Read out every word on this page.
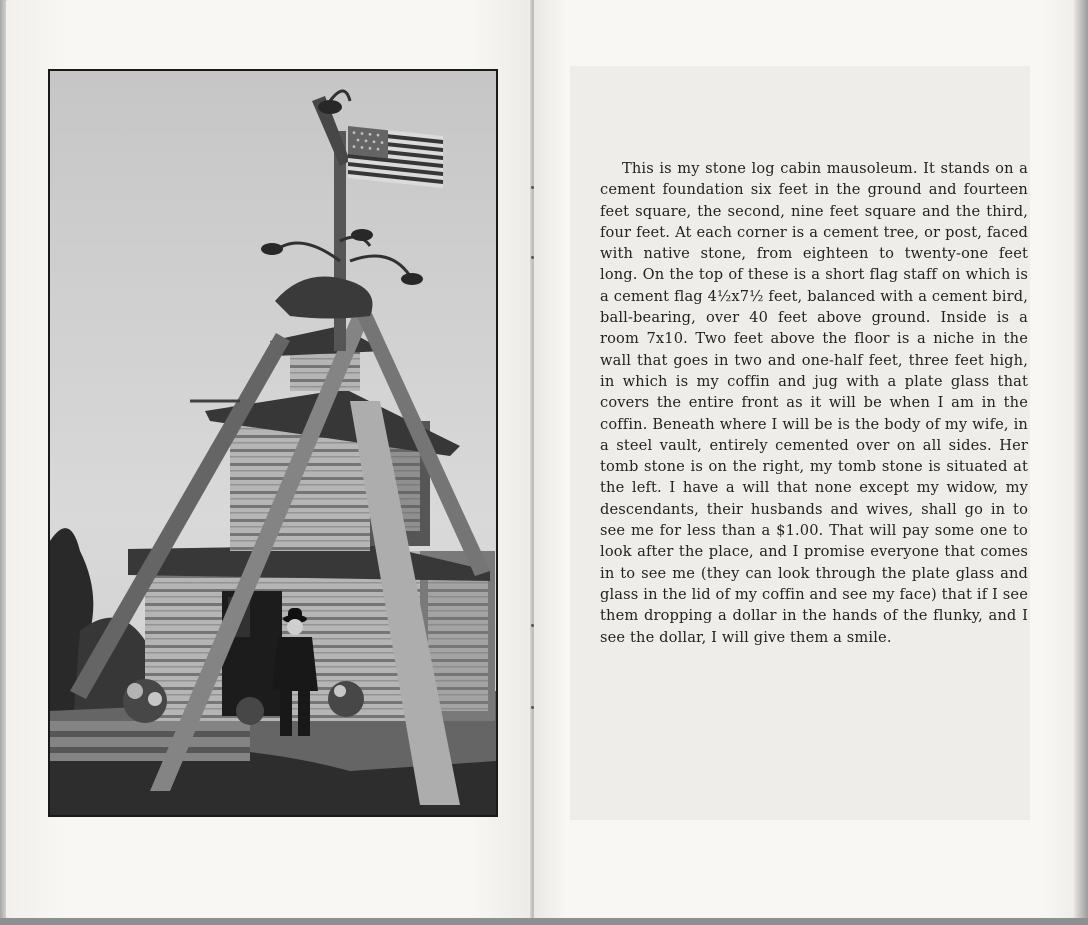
This is my stone log cabin mausoleum. It stands on a cement foundation six feet in the ground and fourteen feet square, the second, nine feet square and the third, four feet. At each corner is a cement tree, or post, faced with native stone, from eighteen to twenty-one feet long. On the top of these is a short flag staff on which is a cement flag 4½x7½ feet, balanced with a cement bird, ball-bearing, over 40 feet above ground. Inside is a room 7x10. Two feet above the floor is a niche in the wall that goes in two and one-half feet, three feet high, in which is my coffin and jug with a plate glass that covers the entire front as it will be when I am in the coffin. Beneath where I will be is the body of my wife, in a steel vault, entirely cemented over on all sides. Her tomb stone is on the right, my tomb stone is situated at the left. I have a will that none except my widow, my descendants, their husbands and wives, shall go in to see me for less than a $1.00. That will pay some one to look after the place, and I promise everyone that comes in to see me (they can look through the plate glass and glass in the lid of my coffin and see my face) that if I see them dropping a dollar in the hands of the flunky, and I see the dollar, I will give them a smile.
